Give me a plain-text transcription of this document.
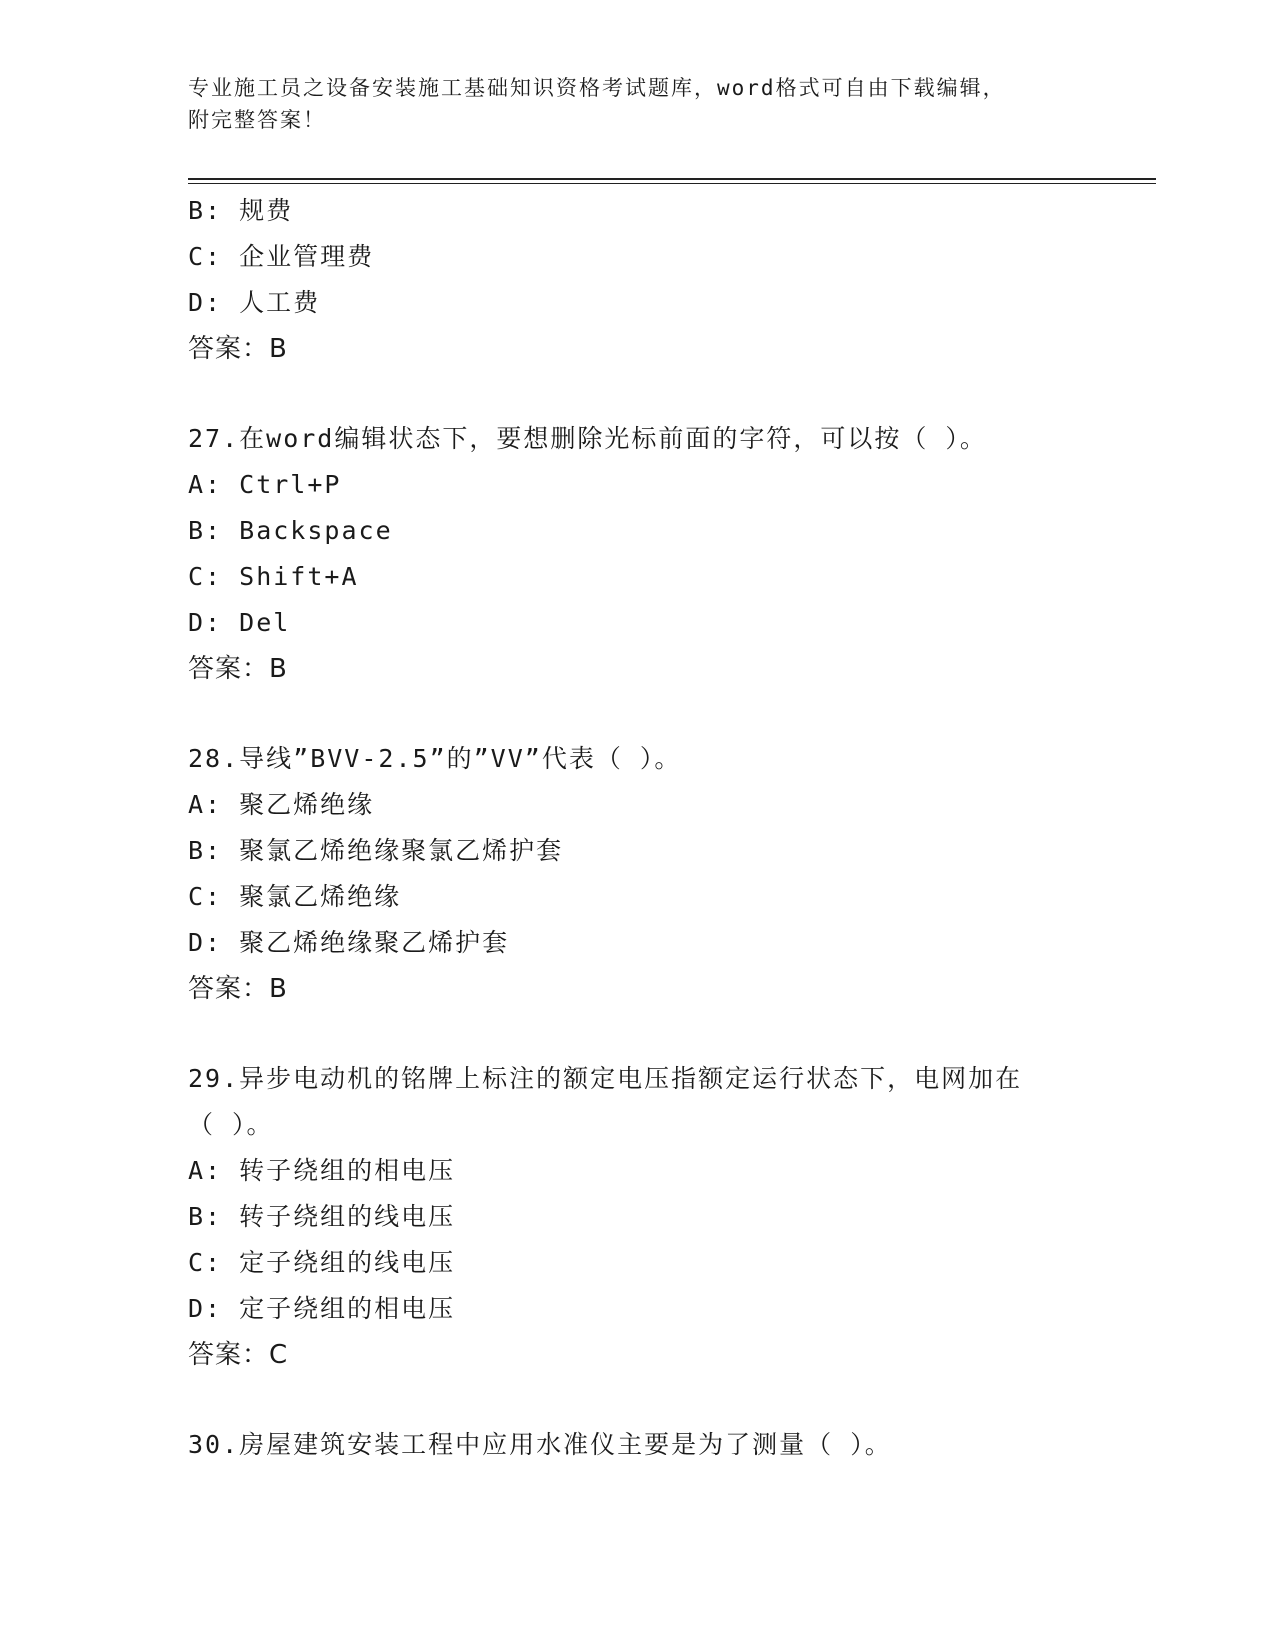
专业施工员之设备安装施工基础知识资格考试题库，word格式可自由下载编辑，
附完整答案！
B: 规费
C: 企业管理费
D: 人工费
答案：B
27.在word编辑状态下，要想删除光标前面的字符，可以按（ ）。
A: Ctrl+P
B: Backspace
C: Shift+A
D: Del
答案：B
28.导线”BVV-2.5”的”VV”代表（ ）。
A: 聚乙烯绝缘
B: 聚氯乙烯绝缘聚氯乙烯护套
C: 聚氯乙烯绝缘
D: 聚乙烯绝缘聚乙烯护套
答案：B
29.异步电动机的铭牌上标注的额定电压指额定运行状态下，电网加在
（ ）。
A: 转子绕组的相电压
B: 转子绕组的线电压
C: 定子绕组的线电压
D: 定子绕组的相电压
答案：C
30.房屋建筑安装工程中应用水准仪主要是为了测量（ ）。
